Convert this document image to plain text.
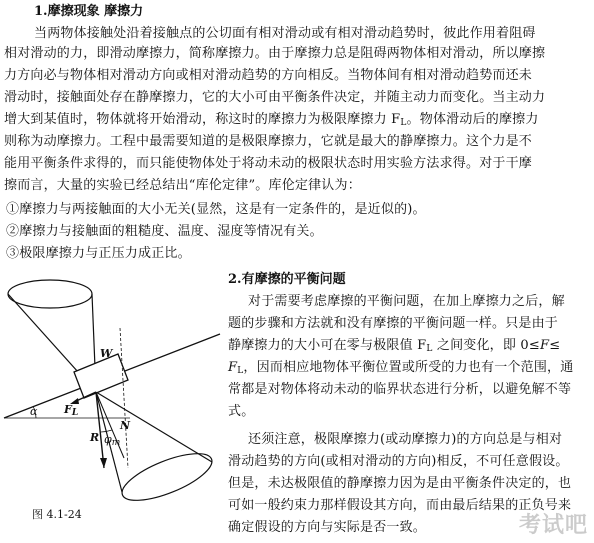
1.摩擦现象 摩擦力
当两物体接触处沿着接触点的公切面有相对滑动或有相对滑动趋势时，彼此作用着阻碍
相对滑动的力，即滑动摩擦力，简称摩擦力。由于摩擦力总是阻碍两物体相对滑动，所以摩擦
力方向必与物体相对滑动方向或相对滑动趋势的方向相反。当物体间有相对滑动趋势而还未
滑动时，接触面处存在静摩擦力，它的大小可由平衡条件决定，并随主动力而变化。当主动力
增大到某值时，物体就将开始滑动，称这时的摩擦力为极限摩擦力 $F_L$。物体滑动后的摩擦力
则称为动摩擦力。工程中最需要知道的是极限摩擦力，它就是最大的静摩擦力。这个力是不
能用平衡条件求得的，而只能使物体处于将动未动的极限状态时用实验方法求得。对于干摩
擦而言，大量的实验已经总结出“库伦定律”。库伦定律认为：
①摩擦力与两接触面的大小无关(显然，这是有一定条件的，是近似的)。
②摩擦力与接触面的粗糙度、温度、湿度等情况有关。
③极限摩擦力与正压力成正比。
2.有摩擦的平衡问题
对于需要考虑摩擦的平衡问题，在加上摩擦力之后，解
题的步骤和方法就和没有摩擦的平衡问题一样。只是由于
静摩擦力的大小可在零与极限值 $F_L$ 之间变化，即 0≤F≤
$F_L$，因而相应地物体平衡位置或所受的力也有一个范围，通
常都是对物体将动未动的临界状态进行分析，以避免解不等
式。
还须注意，极限摩擦力(或动摩擦力)的方向总是与相对
滑动趋势的方向(或相对滑动的方向)相反，不可任意假设。
但是，未达极限值的静摩擦力因为是由平衡条件决定的，也
可如一般约束力那样假设其方向，而由最后结果的正负号来
确定假设的方向与实际是否一致。
W
$F_L$
α
R
N
$\varphi_m$
图 4.1-24	考试吧
